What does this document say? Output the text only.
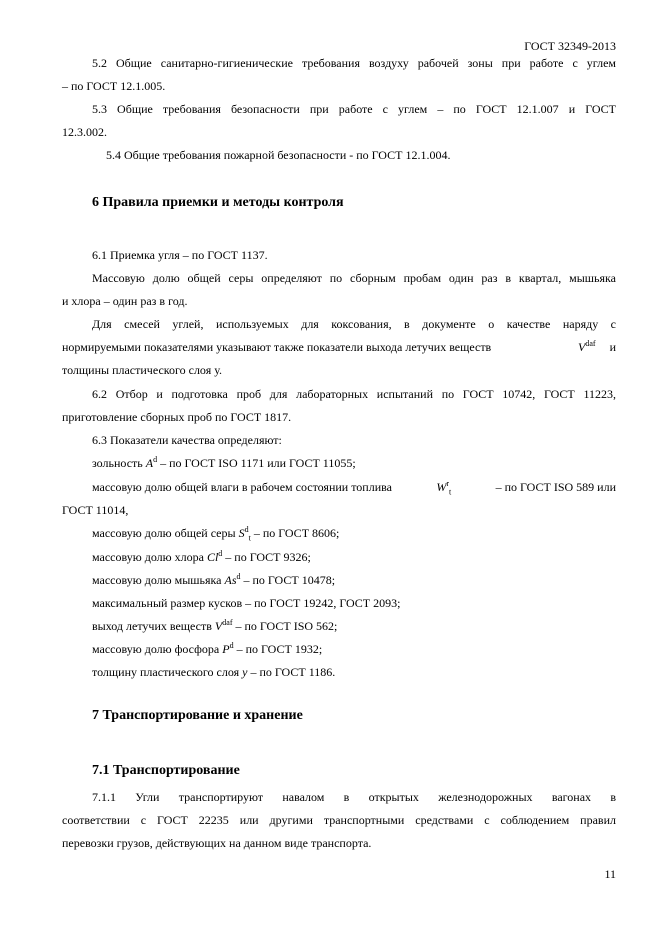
ГОСТ 32349-2013
5.2 Общие санитарно-гигиенические требования воздуху рабочей зоны при работе с углем
– по ГОСТ 12.1.005.
5.3 Общие требования безопасности при работе с углем – по ГОСТ 12.1.007 и ГОСТ
12.3.002.
5.4 Общие требования пожарной безопасности - по ГОСТ 12.1.004.
6 Правила приемки и методы контроля
6.1 Приемка угля – по ГОСТ 1137.
Массовую долю общей серы определяют по сборным пробам один раз в квартал, мышьяка
и хлора – один раз в год.
Для смесей углей, используемых для коксования, в документе о качестве наряду с
нормируемыми показателями указывают также показатели выхода летучих веществ	$V^{daf}$ и
толщины пластического слоя у.
6.2 Отбор и подготовка проб для лабораторных испытаний по ГОСТ 10742, ГОСТ 11223,
приготовление сборных проб по ГОСТ 1817.
6.3 Показатели качества определяют:
зольность $A^d$ – по ГОСТ ISO 1171 или ГОСТ 11055;
массовую долю общей влаги в рабочем состоянии топлива	$W^r_t$	– по ГОСТ ISO 589 или
ГОСТ 11014,
массовую долю общей серы $S^d_t$ – по ГОСТ 8606;
массовую долю хлора Cl$^d$ – по ГОСТ 9326;
массовую долю мышьяка As$^d$ – по ГОСТ 10478;
максимальный размер кусков – по ГОСТ 19242, ГОСТ 2093;
выход летучих веществ $V^{daf}$ – по ГОСТ ISO 562;
массовую долю фосфора $P^d$ – по ГОСТ 1932;
толщину пластического слоя y – по ГОСТ 1186.
7 Транспортирование и хранение
7.1 Транспортирование
7.1.1 Угли транспортируют навалом в открытых железнодорожных вагонах в
соответствии с ГОСТ 22235 или другими транспортными средствами с соблюдением правил
перевозки грузов, действующих на данном виде транспорта.
11
